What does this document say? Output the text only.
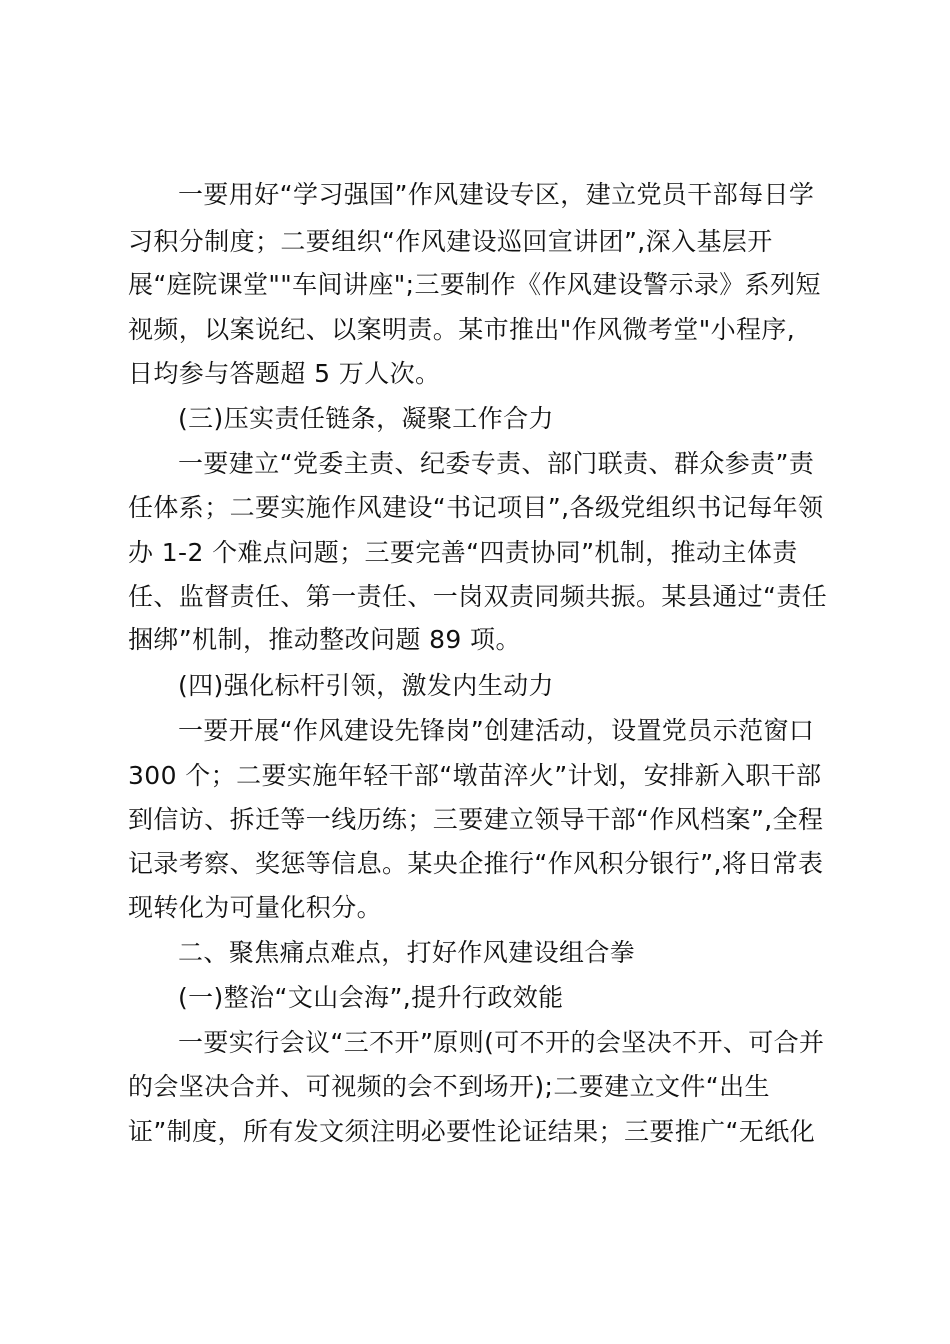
一要用好“学习强国”作风建设专区，建立党员干部每日学
习积分制度；二要组织“作风建设巡回宣讲团”,深入基层开
展“庭院课堂""车间讲座";三要制作《作风建设警示录》系列短
视频，以案说纪、以案明责。某市推出"作风微考堂"小程序,
日均参与答题超 5 万人次。
(三)压实责任链条，凝聚工作合力
一要建立“党委主责、纪委专责、部门联责、群众参责”责
任体系；二要实施作风建设“书记项目”,各级党组织书记每年领
办 1-2 个难点问题；三要完善“四责协同”机制，推动主体责
任、监督责任、第一责任、一岗双责同频共振。某县通过“责任
捆绑”机制，推动整改问题 89 项。
(四)强化标杆引领，激发内生动力
一要开展“作风建设先锋岗”创建活动，设置党员示范窗口
300 个；二要实施年轻干部“墩苗淬火”计划，安排新入职干部
到信访、拆迁等一线历练；三要建立领导干部“作风档案”,全程
记录考察、奖惩等信息。某央企推行“作风积分银行”,将日常表
现转化为可量化积分。
二、聚焦痛点难点，打好作风建设组合拳
(一)整治“文山会海”,提升行政效能
一要实行会议“三不开”原则(可不开的会坚决不开、可合并
的会坚决合并、可视频的会不到场开);二要建立文件“出生
证”制度，所有发文须注明必要性论证结果；三要推广“无纸化
